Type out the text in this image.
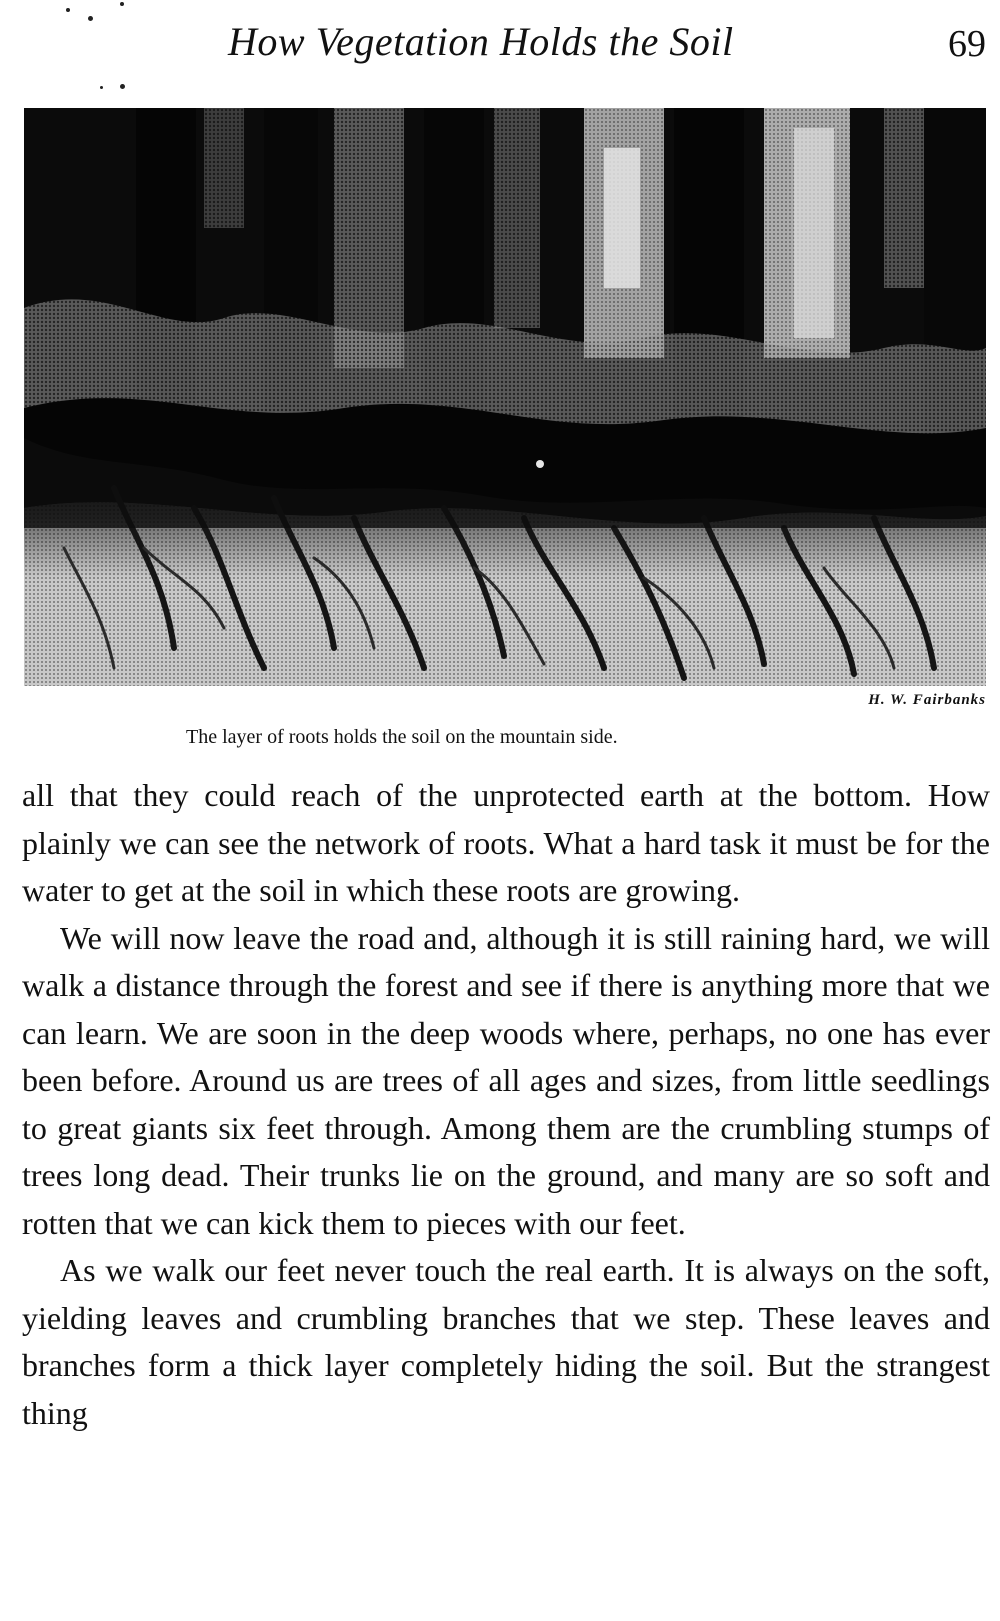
How Vegetation Holds the Soil	69
H. W. Fairbanks
The layer of roots holds the soil on the mountain side.

all that they could reach of the unprotected earth at the bottom. How plainly we can see the network of roots. What a hard task it must be for the water to get at the soil in which these roots are growing.

We will now leave the road and, although it is still raining hard, we will walk a distance through the forest and see if there is anything more that we can learn. We are soon in the deep woods where, perhaps, no one has ever been before. Around us are trees of all ages and sizes, from little seedlings to great giants six feet through. Among them are the crumbling stumps of trees long dead. Their trunks lie on the ground, and many are so soft and rotten that we can kick them to pieces with our feet.

As we walk our feet never touch the real earth. It is always on the soft, yielding leaves and crumbling branches that we step. These leaves and branches form a thick layer completely hiding the soil. But the strangest thing
